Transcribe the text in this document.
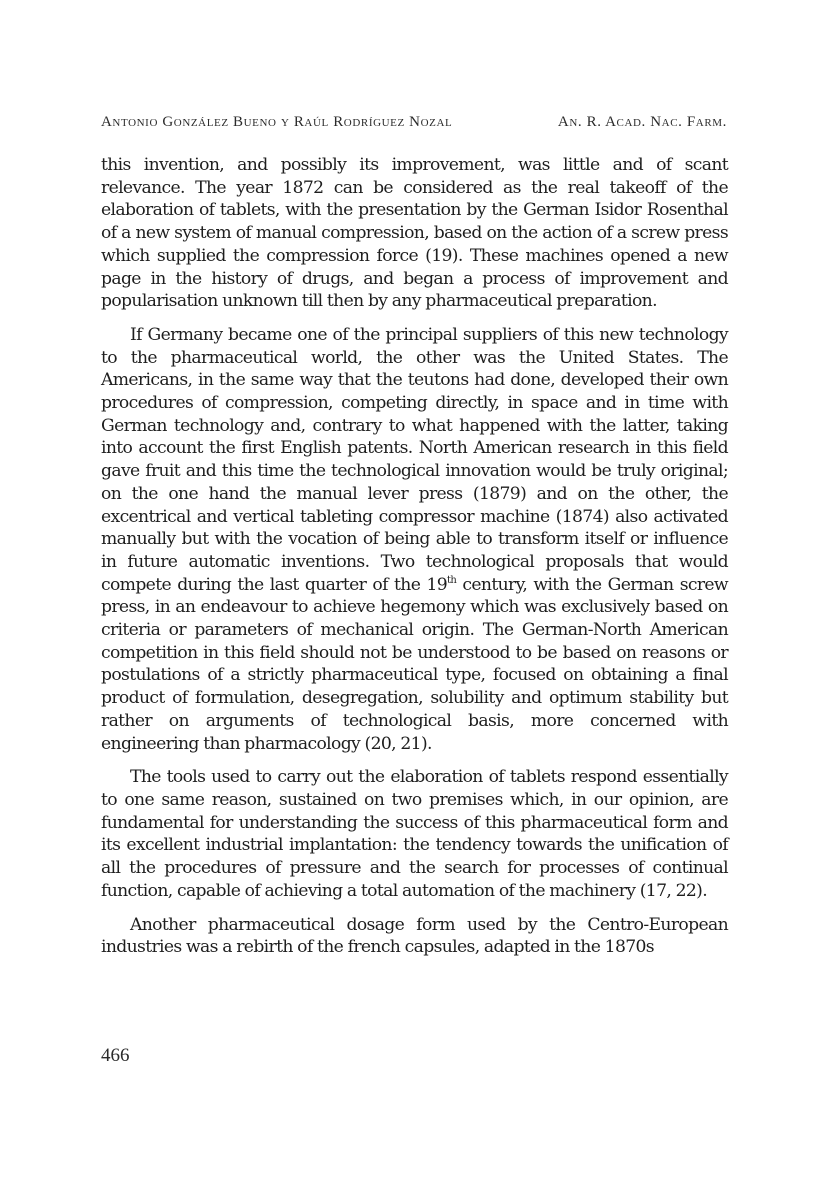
Antonio González Bueno y Raúl Rodríguez Nozal	An. R. Acad. Nac. Farm.

this invention, and possibly its improvement, was little and of scant relevance. The year 1872 can be considered as the real takeoff of the elaboration of tablets, with the presentation by the German Isidor Rosenthal of a new system of manual compression, based on the action of a screw press which supplied the compression force (19). These machines opened a new page in the history of drugs, and began a process of improvement and popularisation unknown till then by any pharmaceutical preparation.

If Germany became one of the principal suppliers of this new technology to the pharmaceutical world, the other was the United States. The Americans, in the same way that the teutons had done, developed their own procedures of compression, competing directly, in space and in time with German technology and, contrary to what happened with the latter, taking into account the first English patents. North American research in this field gave fruit and this time the technological innovation would be truly original; on the one hand the manual lever press (1879) and on the other, the excentrical and vertical tableting compressor machine (1874) also activated manually but with the vocation of being able to transform itself or influence in future automatic inventions. Two technological proposals that would compete during the last quarter of the 19th century, with the German screw press, in an endeavour to achieve hegemony which was exclusively based on criteria or parameters of mechanical origin. The German-North American competition in this field should not be understood to be based on reasons or postulations of a strictly pharmaceutical type, focused on obtaining a final product of formulation, desegregation, solubility and optimum stability but rather on arguments of technological basis, more concerned with engineering than pharmacology (20, 21).

The tools used to carry out the elaboration of tablets respond essentially to one same reason, sustained on two premises which, in our opinion, are fundamental for understanding the success of this pharmaceutical form and its excellent industrial implantation: the tendency towards the unification of all the procedures of pressure and the search for processes of continual function, capable of achieving a total automation of the machinery (17, 22).

Another pharmaceutical dosage form used by the Centro-European industries was a rebirth of the french capsules, adapted in the 1870s

466
